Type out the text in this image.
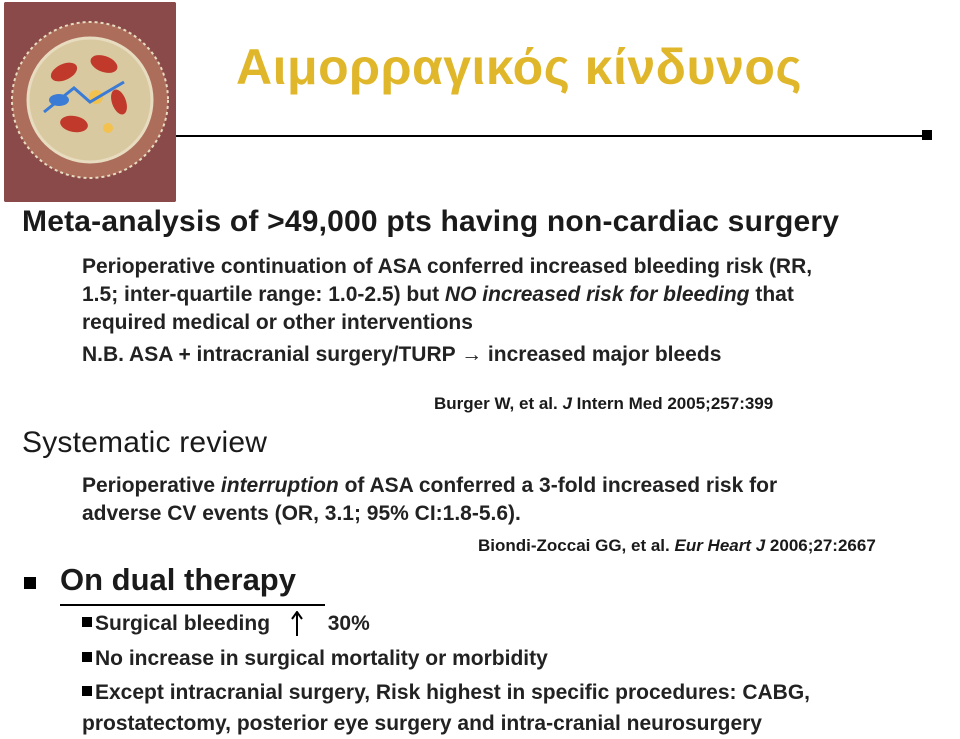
Αιμορραγικός κίνδυνος
Meta-analysis of >49,000 pts having non-cardiac surgery
Perioperative continuation of ASA conferred increased bleeding risk (RR,
1.5; inter-quartile range: 1.0-2.5) but NO increased risk for bleeding that
required medical or other interventions
N.B. ASA + intracranial surgery/TURP → increased major bleeds
Burger W, et al. J Intern Med 2005;257:399
Systematic review
Perioperative interruption of ASA conferred a 3-fold increased risk for
adverse CV events (OR, 3.1; 95% CI:1.8-5.6).
Biondi-Zoccai GG, et al. Eur Heart J 2006;27:2667
On dual therapy
Surgical bleeding	30%
No increase in surgical mortality or morbidity
Except intracranial surgery, Risk highest in specific procedures: CABG,
prostatectomy, posterior eye surgery and intra-cranial neurosurgery
